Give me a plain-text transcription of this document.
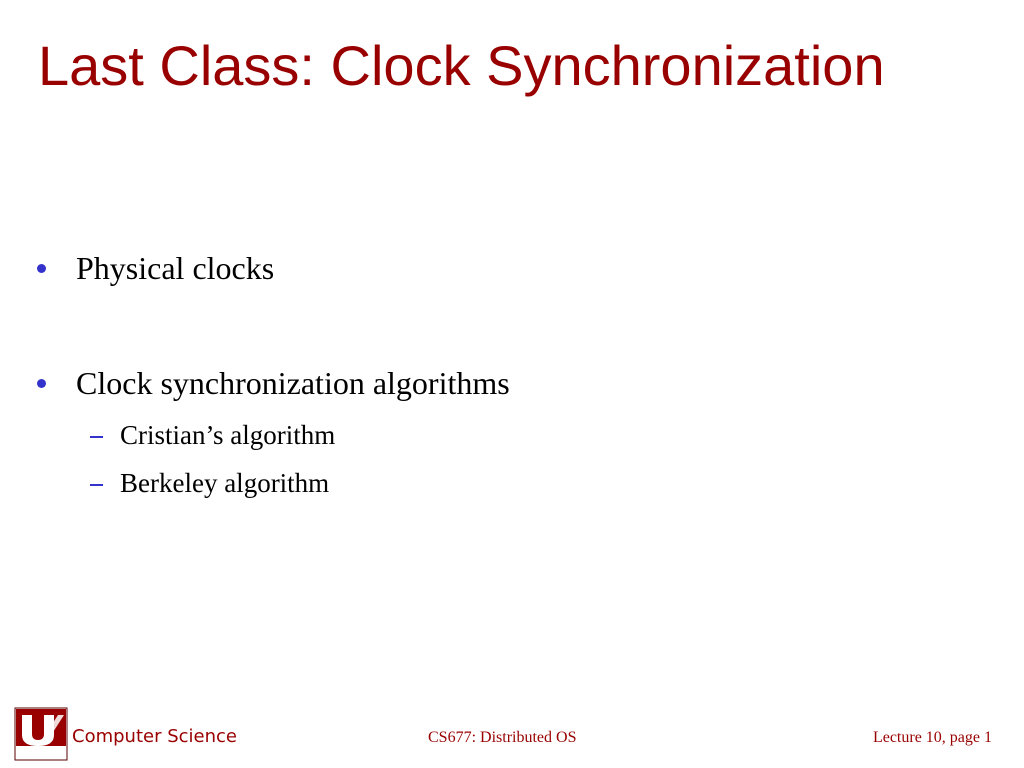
Last Class: Clock Synchronization
Physical clocks
Clock synchronization algorithms
Cristian’s algorithm
Berkeley algorithm
Computer Science	CS677: Distributed OS	Lecture 10, page 1
